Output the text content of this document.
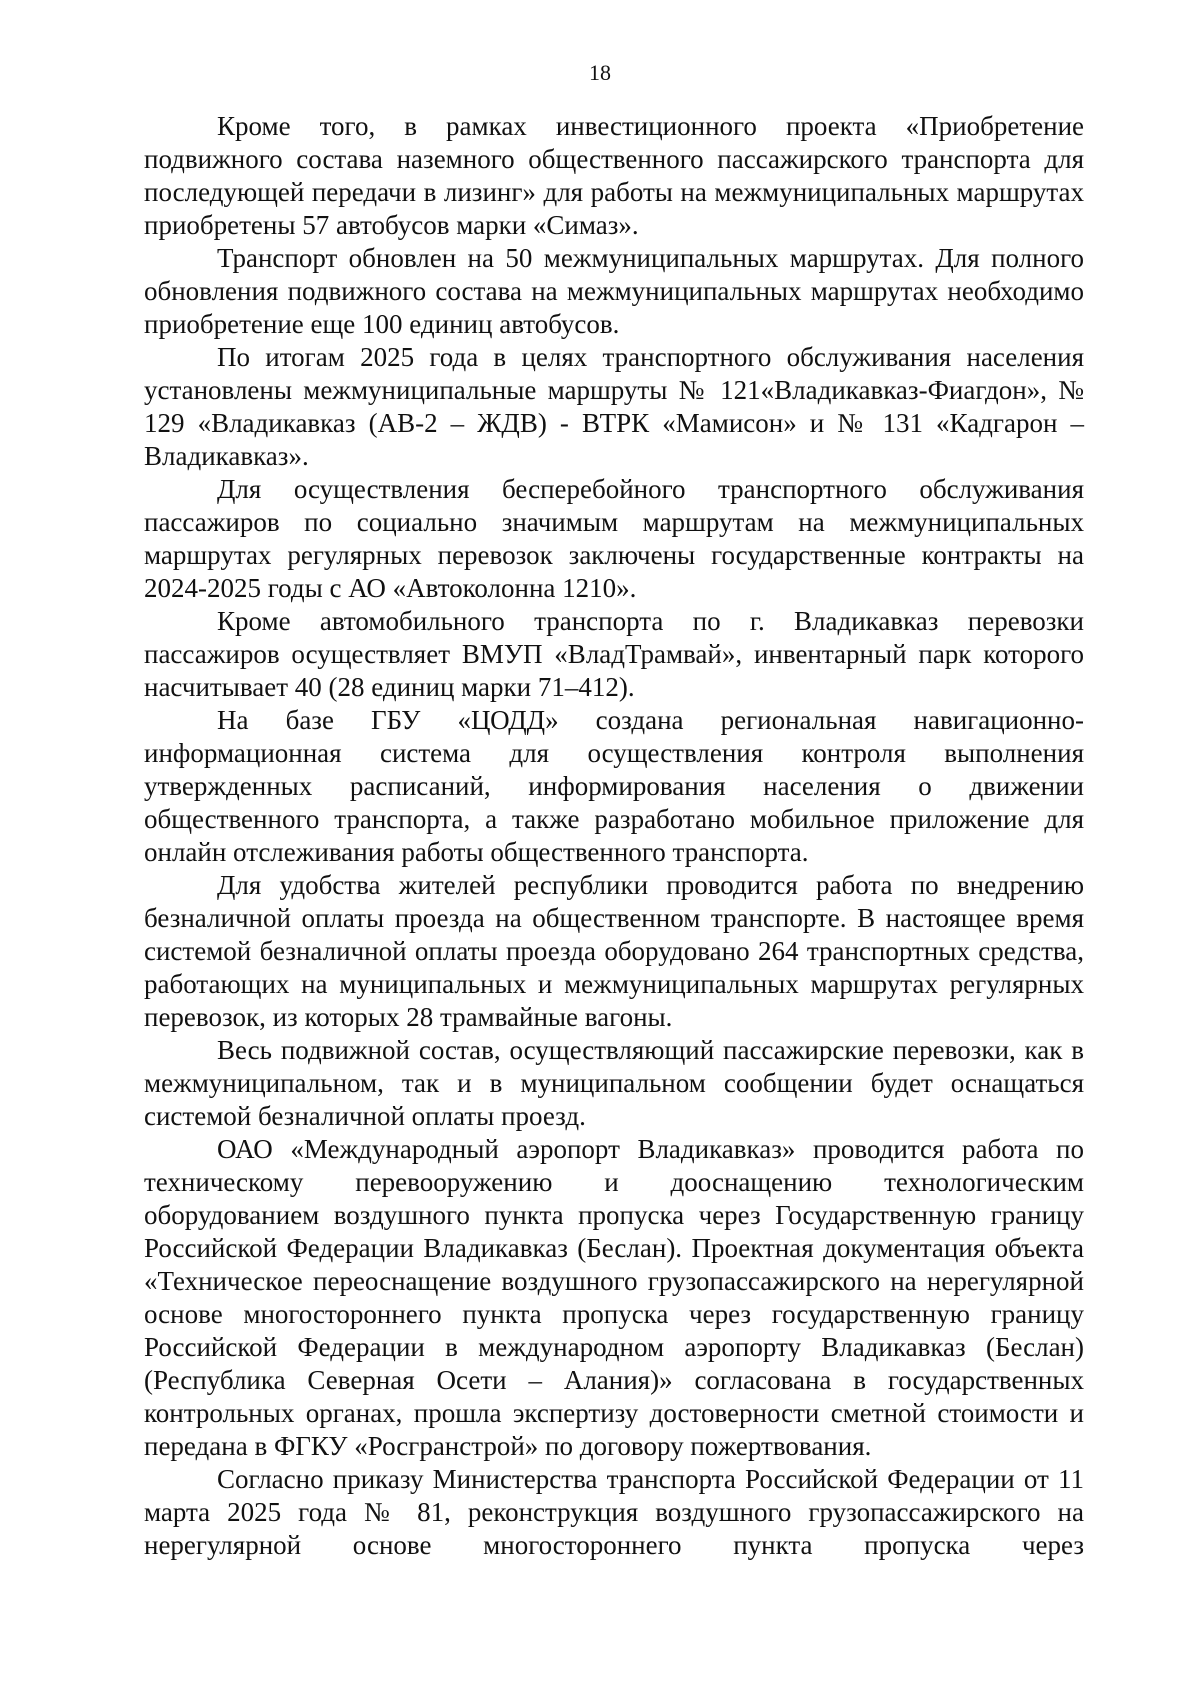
18

Кроме того, в рамках инвестиционного проекта «Приобретение подвижного состава наземного общественного пассажирского транспорта для последующей передачи в лизинг» для работы на межмуниципальных маршрутах приобретены 57 автобусов марки «Симаз».

Транспорт обновлен на 50 межмуниципальных маршрутах. Для полного обновления подвижного состава на межмуниципальных маршрутах необходимо приобретение еще 100 единиц автобусов.

По итогам 2025 года в целях транспортного обслуживания населения установлены межмуниципальные маршруты № 121«Владикавказ-Фиагдон», № 129 «Владикавказ (АВ-2 – ЖДВ) - ВТРК «Мамисон» и № 131 «Кадгарон – Владикавказ».

Для осуществления бесперебойного транспортного обслуживания пассажиров по социально значимым маршрутам на межмуниципальных маршрутах регулярных перевозок заключены государственные контракты на 2024-2025 годы с АО «Автоколонна 1210».

Кроме автомобильного транспорта по г. Владикавказ перевозки пассажиров осуществляет ВМУП «ВладТрамвай», инвентарный парк которого насчитывает 40 (28 единиц марки 71–412).

На базе ГБУ «ЦОДД» создана региональная навигационно-информационная система для осуществления контроля выполнения утвержденных расписаний, информирования населения о движении общественного транспорта, а также разработано мобильное приложение для онлайн отслеживания работы общественного транспорта.

Для удобства жителей республики проводится работа по внедрению безналичной оплаты проезда на общественном транспорте. В настоящее время системой безналичной оплаты проезда оборудовано 264 транспортных средства, работающих на муниципальных и межмуниципальных маршрутах регулярных перевозок, из которых 28 трамвайные вагоны.

Весь подвижной состав, осуществляющий пассажирские перевозки, как в межмуниципальном, так и в муниципальном сообщении будет оснащаться системой безналичной оплаты проезд.

ОАО «Международный аэропорт Владикавказ» проводится работа по техническому перевооружению и дооснащению технологическим оборудованием воздушного пункта пропуска через Государственную границу Российской Федерации Владикавказ (Беслан). Проектная документация объекта «Техническое переоснащение воздушного грузопассажирского на нерегулярной основе многостороннего пункта пропуска через государственную границу Российской Федерации в международном аэропорту Владикавказ (Беслан) (Республика Северная Осети – Алания)» согласована в государственных контрольных органах, прошла экспертизу достоверности сметной стоимости и передана в ФГКУ «Росгранстрой» по договору пожертвования.

Согласно приказу Министерства транспорта Российской Федерации от 11 марта 2025 года № 81, реконструкция воздушного грузопассажирского на нерегулярной основе многостороннего пункта пропуска через
